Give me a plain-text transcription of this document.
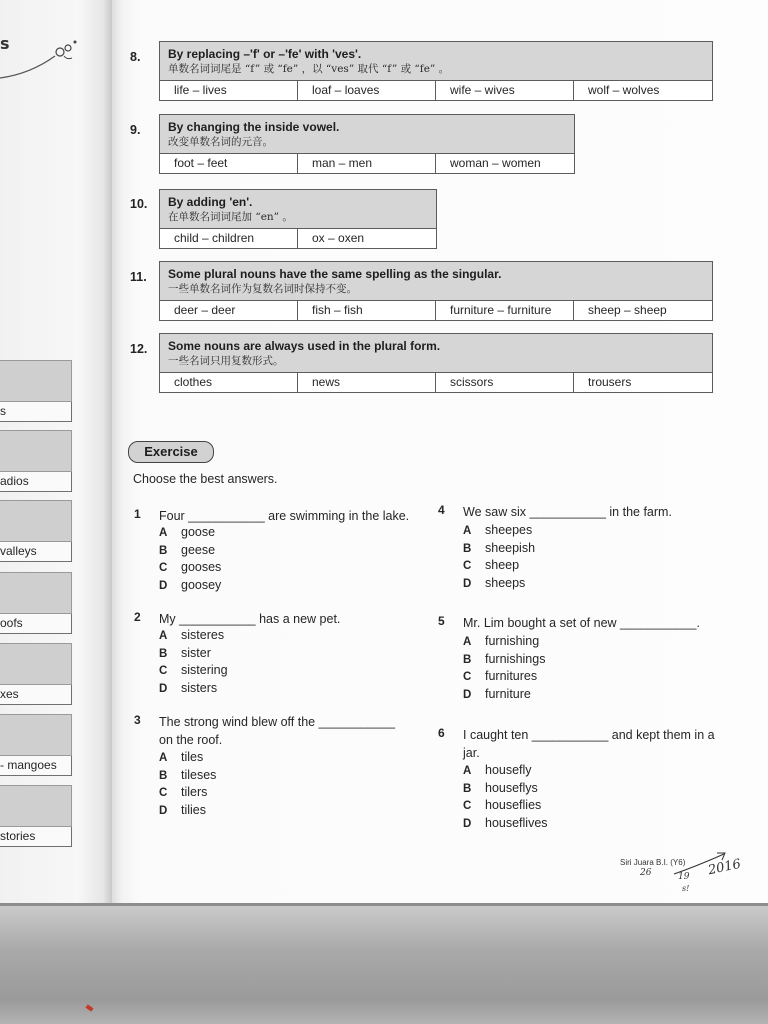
s
s
adios
valleys
oofs
xes
- mangoes
stories
8. By replacing –'f' or –'fe' with 'ves'.
单数名词词尾是 “f” 或 “fe” ，以 “ves” 取代 “f” 或 “fe” 。
life – lives	loaf – loaves	wife – wives	wolf – wolves
9. By changing the inside vowel.
改变单数名词的元音。
foot – feet	man – men	woman – women
10. By adding 'en'.
在单数名词词尾加 “en” 。
child – children	ox – oxen
11. Some plural nouns have the same spelling as the singular.
一些单数名词作为复数名词时保持不变。
deer – deer	fish – fish	furniture – furniture	sheep – sheep
12. Some nouns are always used in the plural form.
一些名词只用复数形式。
clothes	news	scissors	trousers
Exercise
Choose the best answers.
1 Four ___________ are swimming in the lake.
A goose
B geese
C gooses
D goosey
2 My ___________ has a new pet.
A sisteres
B sister
C sistering
D sisters
3 The strong wind blew off the ___________ on the roof.
A tiles
B tileses
C tilers
D tilies
4 We saw six ___________ in the farm.
A sheepes
B sheepish
C sheep
D sheeps
5 Mr. Lim bought a set of new ___________.
A furnishing
B furnishings
C furnitures
D furniture
6 I caught ten ___________ and kept them in a jar.
A housefly
B houseflys
C houseflies
D houseflives
Siri Juara B.I. (Y6) 2016
26	19
s!
